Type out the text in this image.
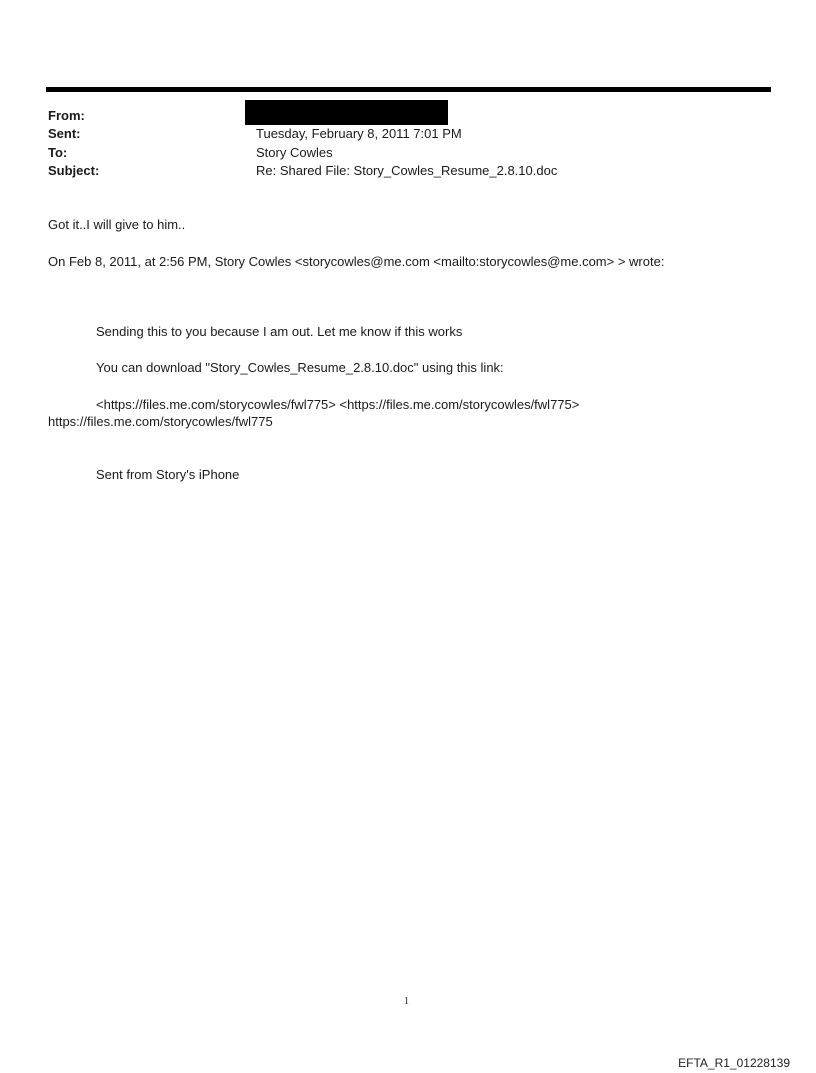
From:
Sent:	Tuesday, February 8, 2011 7:01 PM
To:	Story Cowles
Subject:	Re: Shared File: Story_Cowles_Resume_2.8.10.doc
Got it..I will give to him..
On Feb 8, 2011, at 2:56 PM, Story Cowles <storycowles@me.com <mailto:storycowles@me.com> > wrote:
Sending this to you because I am out. Let me know if this works
You can download "Story_Cowles_Resume_2.8.10.doc" using this link:
<https://files.me.com/storycowles/fwl775> <https://files.me.com/storycowles/fwl775>
https://files.me.com/storycowles/fwl775
Sent from Story's iPhone
1
EFTA_R1_01228139
